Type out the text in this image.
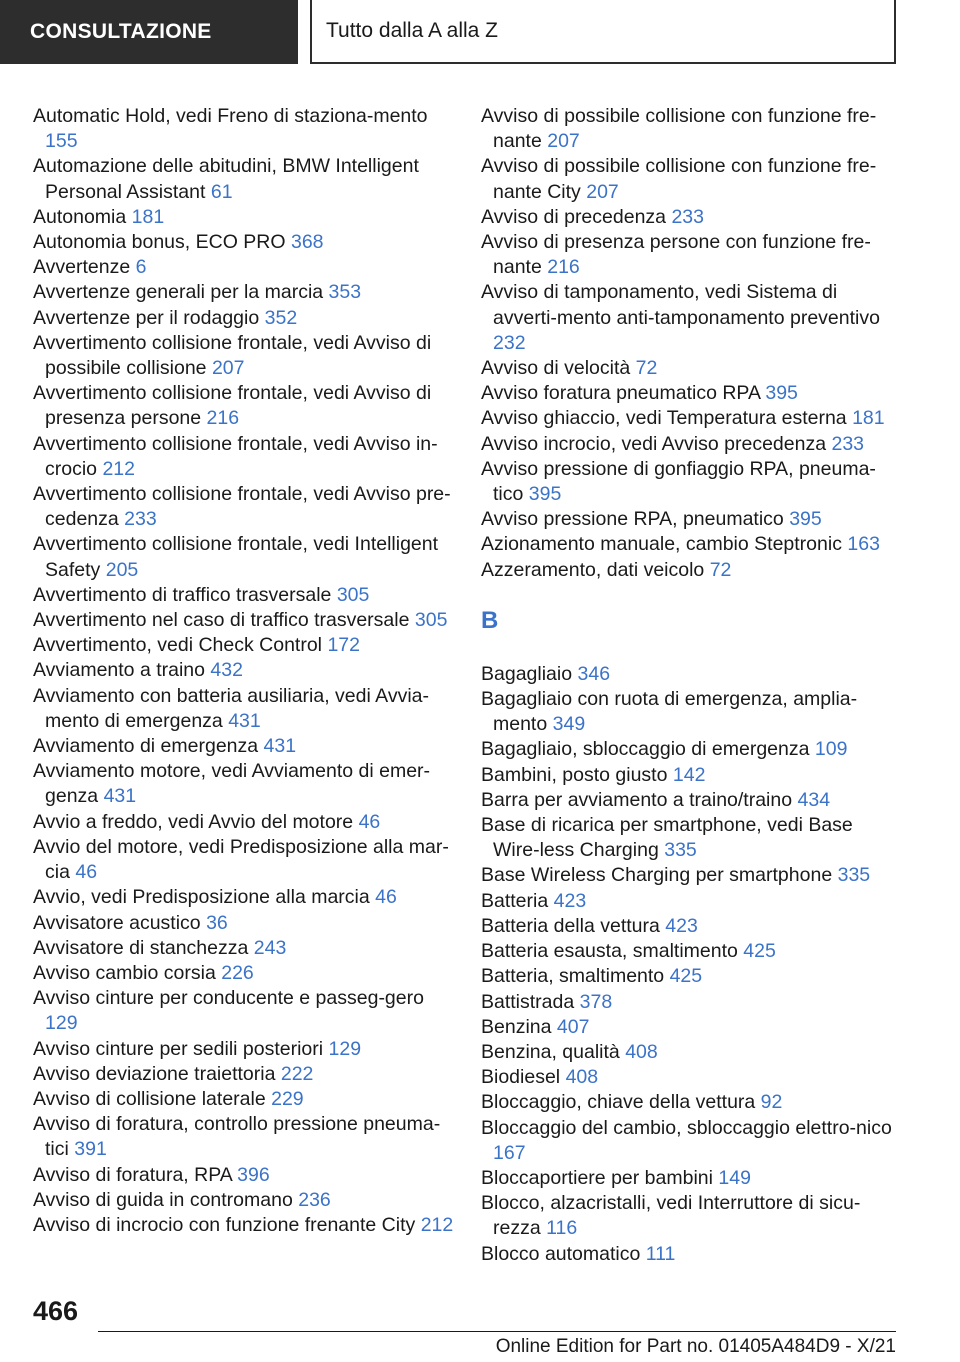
CONSULTAZIONE	Tutto dalla A alla Z

Automatic Hold, vedi Freno di staziona-mento 155

Automazione delle abitudini, BMW Intelligent Personal Assistant 61

Autonomia 181

Autonomia bonus, ECO PRO 368

Avvertenze 6

Avvertenze generali per la marcia 353

Avvertenze per il rodaggio 352

Avvertimento collisione frontale, vedi Avviso di possibile collisione 207

Avvertimento collisione frontale, vedi Avviso di presenza persone 216

Avvertimento collisione frontale, vedi Avviso in-crocio 212

Avvertimento collisione frontale, vedi Avviso pre-cedenza 233

Avvertimento collisione frontale, vedi Intelligent Safety 205

Avvertimento di traffico trasversale 305

Avvertimento nel caso di traffico trasversale 305

Avvertimento, vedi Check Control 172

Avviamento a traino 432

Avviamento con batteria ausiliaria, vedi Avvia-mento di emergenza 431

Avviamento di emergenza 431

Avviamento motore, vedi Avviamento di emer-genza 431

Avvio a freddo, vedi Avvio del motore 46

Avvio del motore, vedi Predisposizione alla mar-cia 46

Avvio, vedi Predisposizione alla marcia 46

Avvisatore acustico 36

Avvisatore di stanchezza 243

Avviso cambio corsia 226

Avviso cinture per conducente e passeg-gero 129

Avviso cinture per sedili posteriori 129

Avviso deviazione traiettoria 222

Avviso di collisione laterale 229

Avviso di foratura, controllo pressione pneuma-tici 391

Avviso di foratura, RPA 396

Avviso di guida in contromano 236

Avviso di incrocio con funzione frenante City 212

Avviso di possibile collisione con funzione fre-nante 207

Avviso di possibile collisione con funzione fre-nante City 207

Avviso di precedenza 233

Avviso di presenza persone con funzione fre-nante 216

Avviso di tamponamento, vedi Sistema di avverti-mento anti-tamponamento preventivo 232

Avviso di velocità 72

Avviso foratura pneumatico RPA 395

Avviso ghiaccio, vedi Temperatura esterna 181

Avviso incrocio, vedi Avviso precedenza 233

Avviso pressione di gonfiaggio RPA, pneuma-tico 395

Avviso pressione RPA, pneumatico 395

Azionamento manuale, cambio Steptronic 163

Azzeramento, dati veicolo 72

B

Bagagliaio 346

Bagagliaio con ruota di emergenza, amplia-mento 349

Bagagliaio, sbloccaggio di emergenza 109

Bambini, posto giusto 142

Barra per avviamento a traino/traino 434

Base di ricarica per smartphone, vedi Base Wire-less Charging 335

Base Wireless Charging per smartphone 335

Batteria 423

Batteria della vettura 423

Batteria esausta, smaltimento 425

Batteria, smaltimento 425

Battistrada 378

Benzina 407

Benzina, qualità 408

Biodiesel 408

Bloccaggio, chiave della vettura 92

Bloccaggio del cambio, sbloccaggio elettro-nico 167

Bloccaportiere per bambini 149

Blocco, alzacristalli, vedi Interruttore di sicu-rezza 116

Blocco automatico 111

466
Online Edition for Part no. 01405A484D9 - X/21
